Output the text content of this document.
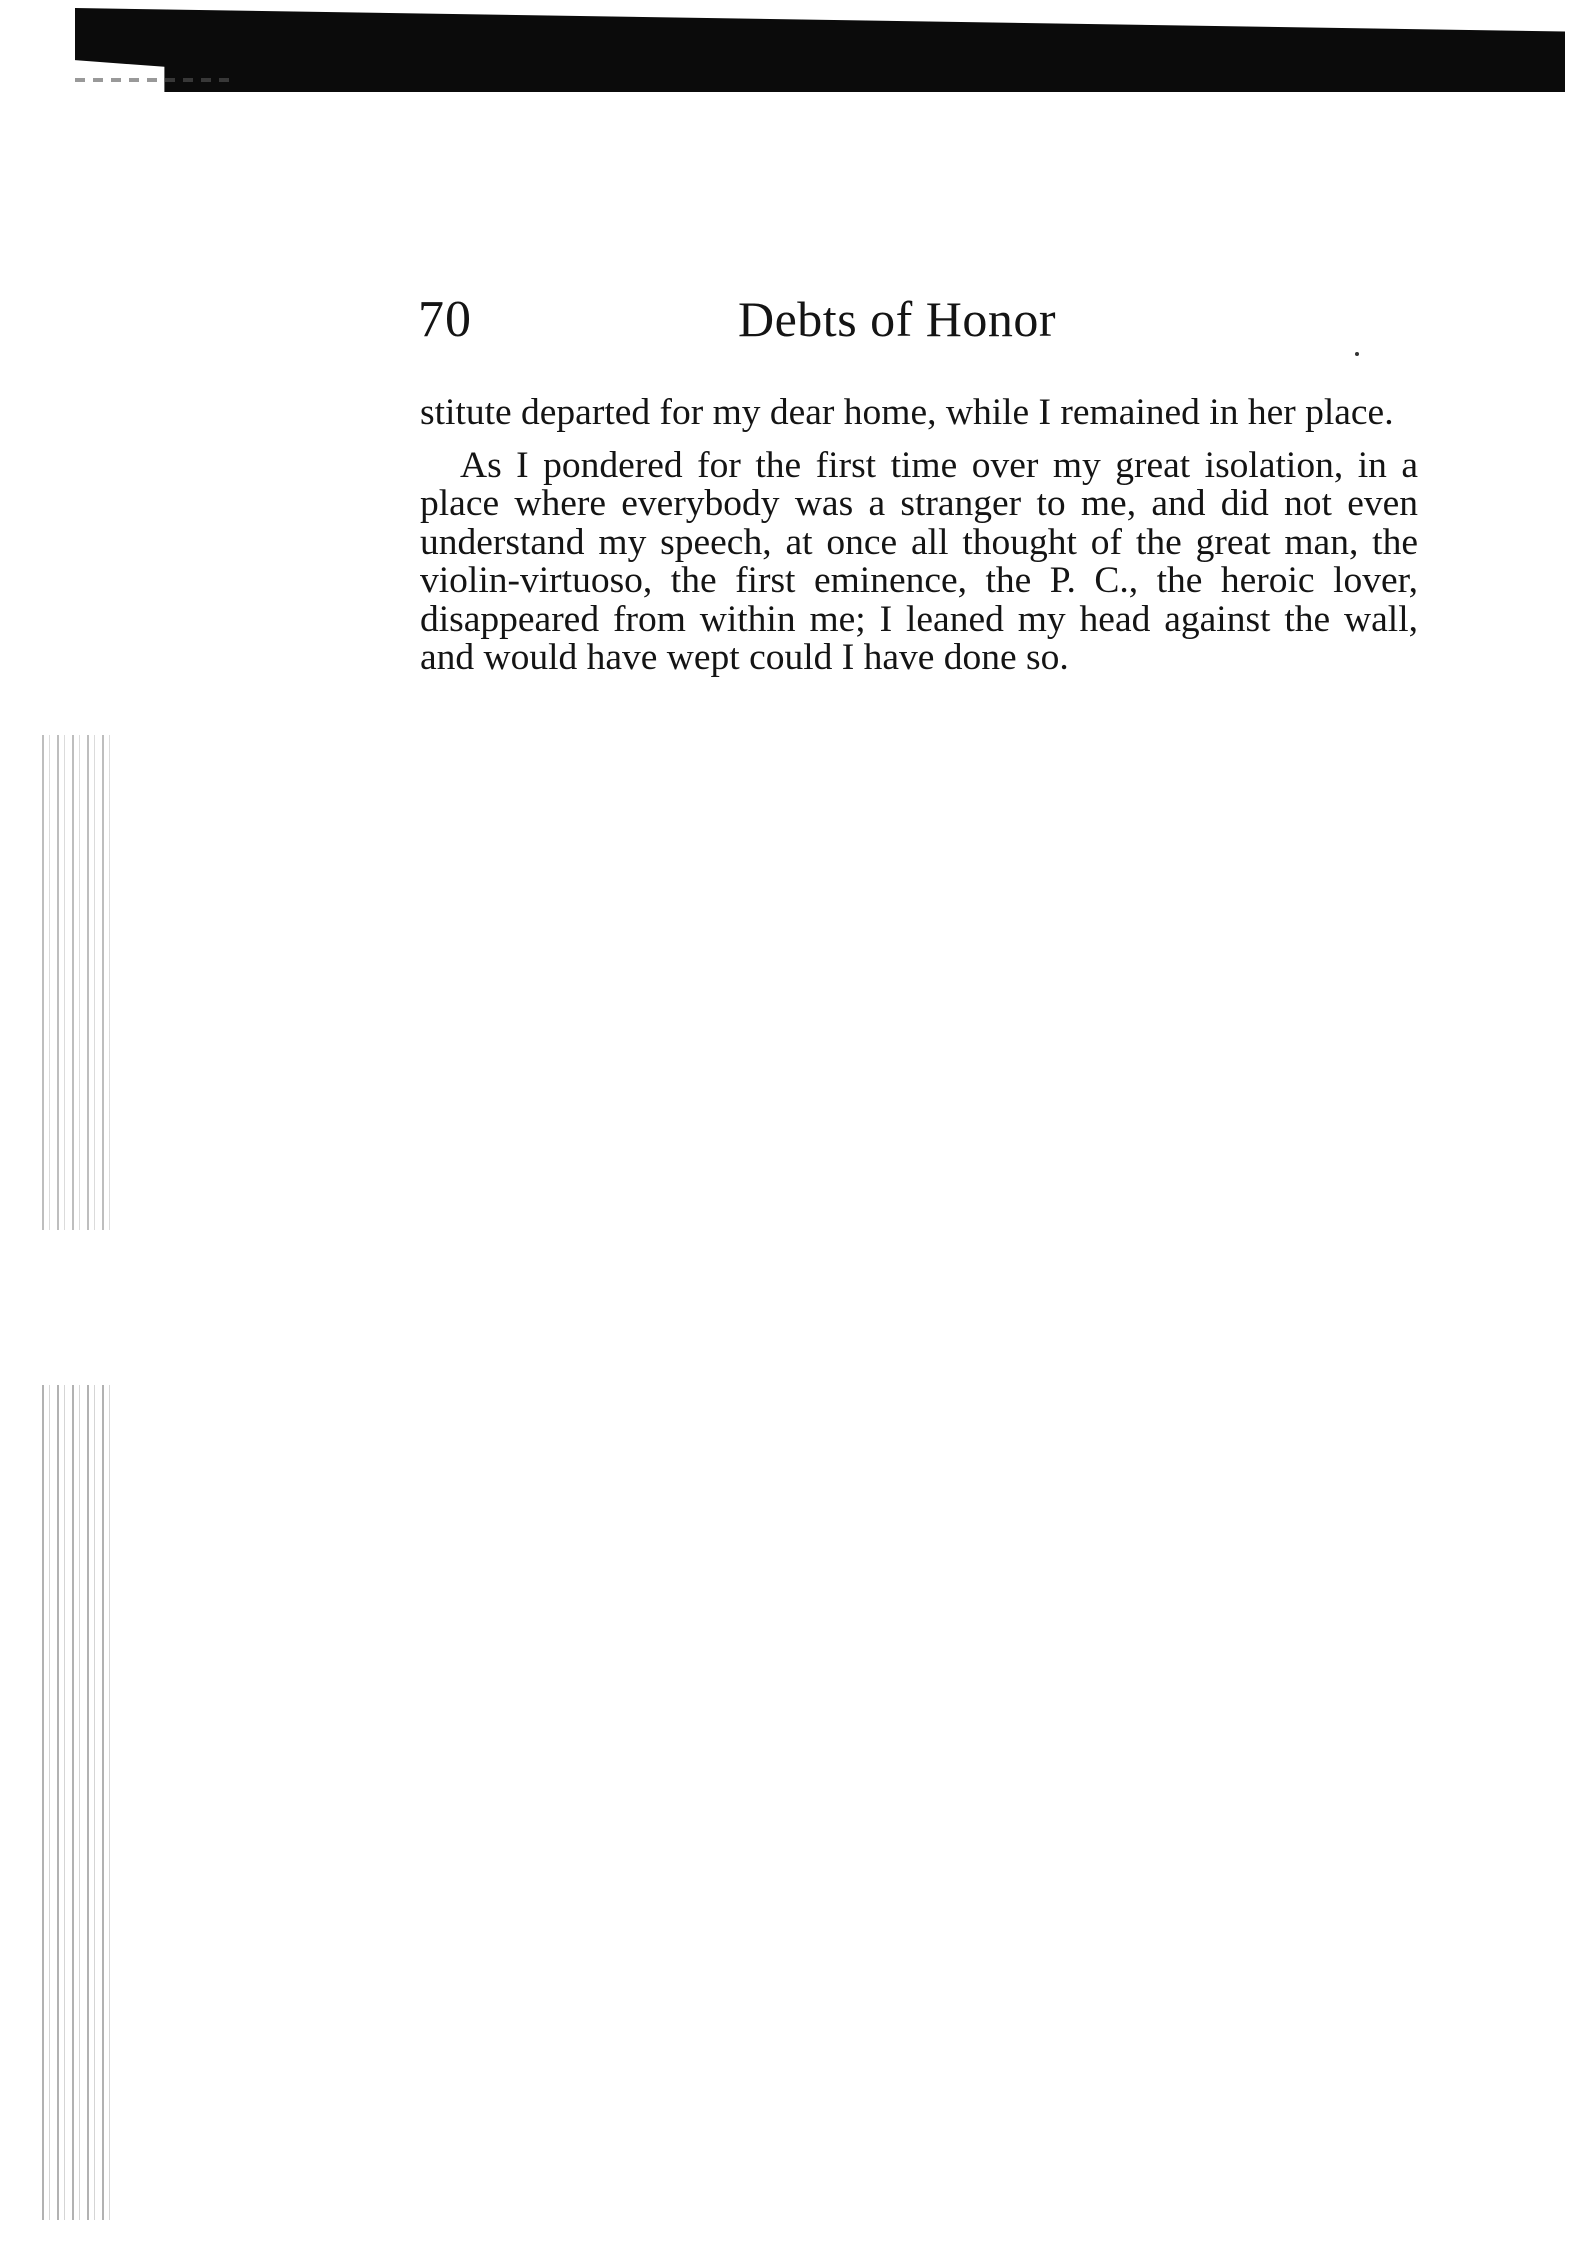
70	Debts of Honor

stitute departed for my dear home, while I remained in her place.

As I pondered for the first time over my great isolation, in a place where everybody was a stranger to me, and did not even understand my speech, at once all thought of the great man, the violin-virtuoso, the first eminence, the P. C., the heroic lover, disappeared from within me; I leaned my head against the wall, and would have wept could I have done so.
